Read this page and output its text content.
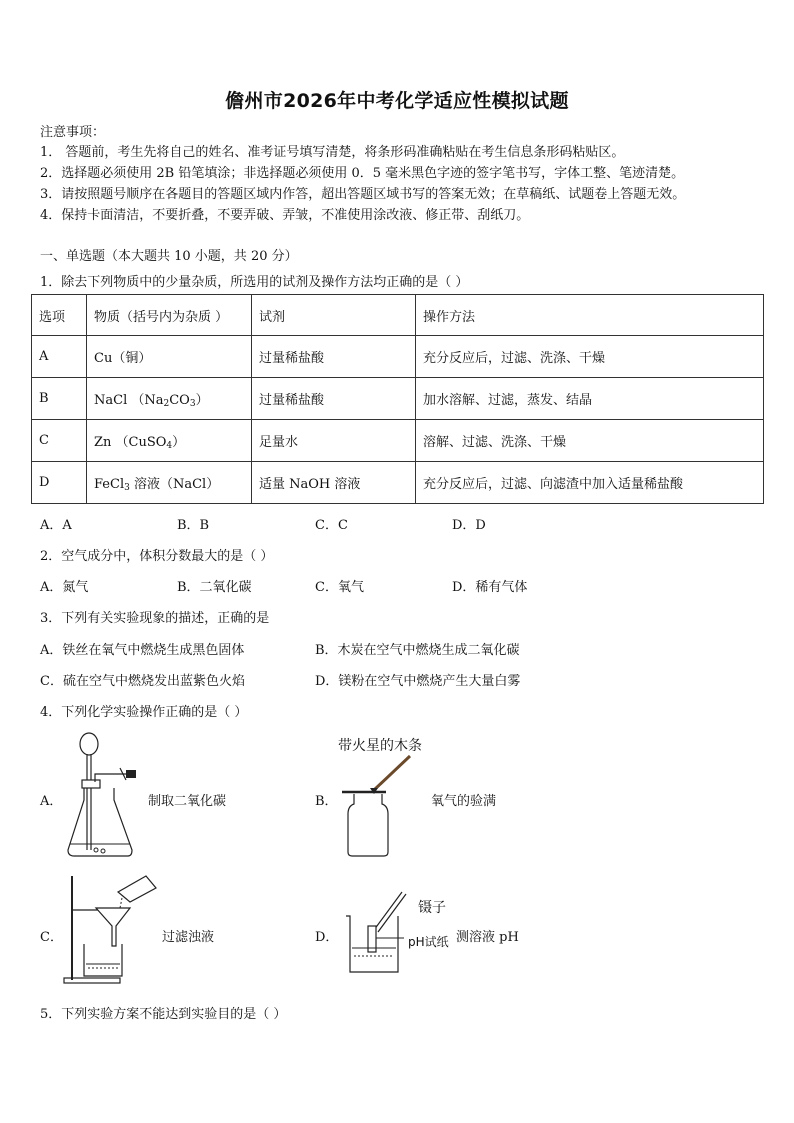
儋州市2026年中考化学适应性模拟试题
注意事项：
1． 答题前，考生先将自己的姓名、准考证号填写清楚，将条形码准确粘贴在考生信息条形码粘贴区。
2．选择题必须使用 2B 铅笔填涂；非选择题必须使用 0．5 毫米黑色字迹的签字笔书写，字体工整、笔迹清楚。
3．请按照题号顺序在各题目的答题区域内作答，超出答题区域书写的答案无效；在草稿纸、试题卷上答题无效。
4．保持卡面清洁，不要折叠，不要弄破、弄皱，不准使用涂改液、修正带、刮纸刀。
一、单选题（本大题共 10 小题，共 20 分）
1．除去下列物质中的少量杂质，所选用的试剂及操作方法均正确的是（ ）
选项	物质（括号内为杂质 ）	试剂	操作方法
A	Cu（铜）	过量稀盐酸	充分反应后，过滤、洗涤、干燥
B	NaCl $(Na_2CO_3)$	过量稀盐酸	加水溶解、过滤，蒸发、结晶
C	Zn （CuSO$_4$）	足量水	溶解、过滤、洗涤、干燥
D	FeCl$_3$ 溶液（NaCl）	适量 NaOH 溶液	充分反应后，过滤、向滤渣中加入适量稀盐酸
A．A	B．B	C．C	D．D
2．空气成分中，体积分数最大的是（ ）
A．氮气	B．二氧化碳	C．氧气	D．稀有气体
3．下列有关实验现象的描述，正确的是
A．铁丝在氧气中燃烧生成黑色固体	B．木炭在空气中燃烧生成二氧化碳
C．硫在空气中燃烧发出蓝紫色火焰	D．镁粉在空气中燃烧产生大量白雾
4．下列化学实验操作正确的是（ ）
A．	制取二氧化碳	B．
带火星的木条
氧气的验满
C．	过滤浊液	D．
镊子
pH试纸 测溶液 pH
5．下列实验方案不能达到实验目的是（ ）
